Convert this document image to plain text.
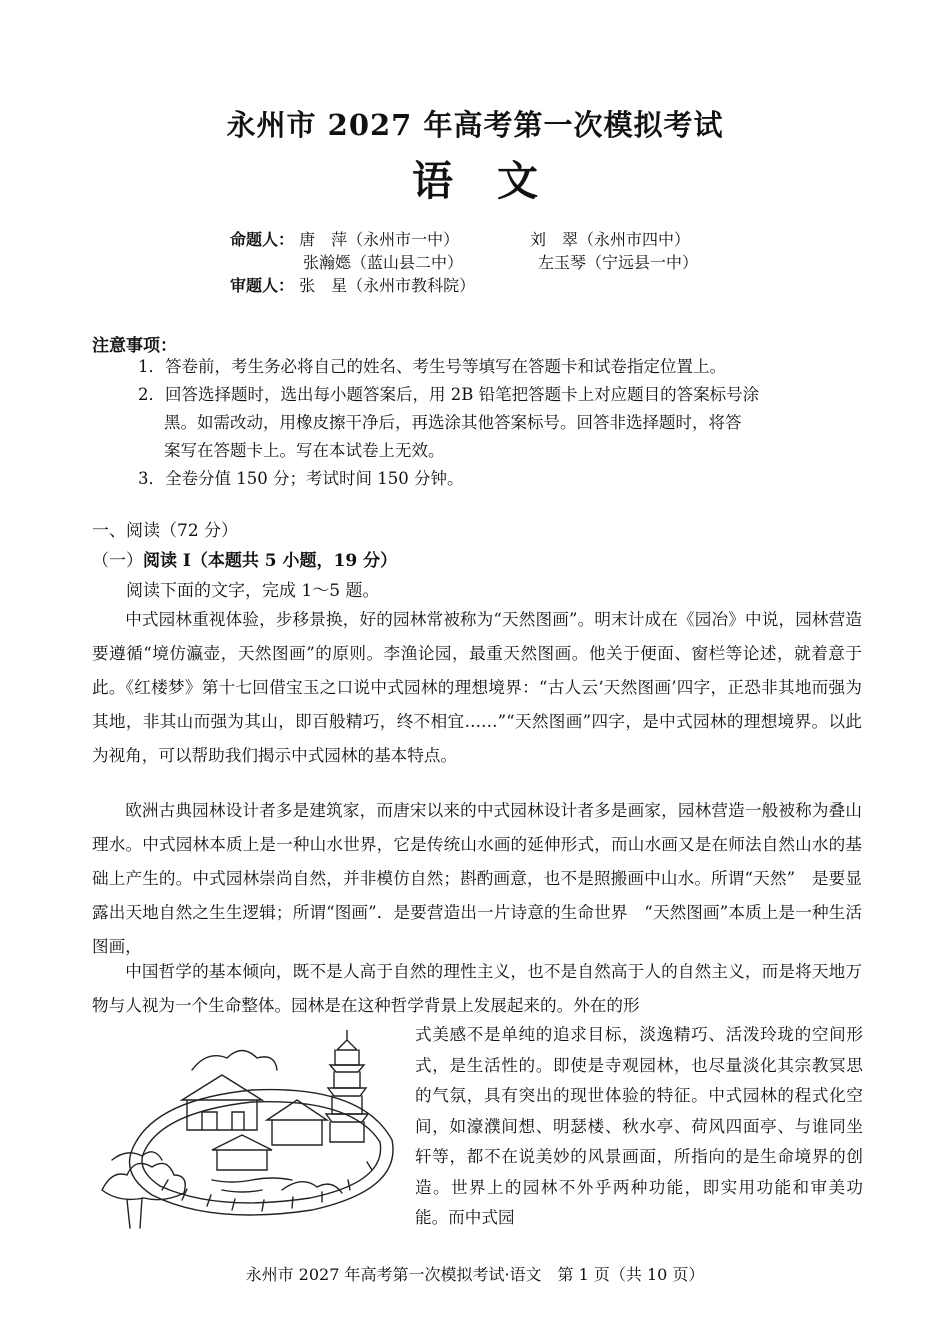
永州市 2027 年高考第一次模拟考试
语文
命题人： 唐　萍（永州市一中）	刘　翠（永州市四中）
张瀚嫕（蓝山县二中）	左玉琴（宁远县一中）
审题人： 张　星（永州市教科院）
注意事项：
1．答卷前，考生务必将自己的姓名、考生号等填写在答题卡和试卷指定位置上。
2．回答选择题时，选出每小题答案后，用 2B 铅笔把答题卡上对应题目的答案标号涂
黑。如需改动，用橡皮擦干净后，再选涂其他答案标号。回答非选择题时，将答
案写在答题卡上。写在本试卷上无效。
3．全卷分值 150 分；考试时间 150 分钟。
一、阅读（72 分）
（一）阅读 I（本题共 5 小题，19 分）
阅读下面的文字，完成 1～5 题。

中式园林重视体验，步移景换，好的园林常被称为“天然图画”。明末计成在《园冶》中说，园林营造要遵循“境仿瀛壶，天然图画”的原则。李渔论园，最重天然图画。他关于便面、窗栏等论述，就着意于此。《红楼梦》第十七回借宝玉之口说中式园林的理想境界：“古人云‘天然图画’四字，正恐非其地而强为其地，非其山而强为其山，即百般精巧，终不相宜……”“天然图画”四字，是中式园林的理想境界。以此为视角，可以帮助我们揭示中式园林的基本特点。

欧洲古典园林设计者多是建筑家，而唐宋以来的中式园林设计者多是画家，园林营造一般被称为叠山理水。中式园林本质上是一种山水世界，它是传统山水画的延伸形式，而山水画又是在师法自然山水的基础上产生的。中式园林崇尚自然，并非模仿自然；斟酌画意，也不是照搬画中山水。所谓“天然”　是要显露出天地自然之生生逻辑；所谓“图画”．是要营造出一片诗意的生命世界　“天然图画”本质上是一种生活图画，

中国哲学的基本倾向，既不是人高于自然的理性主义，也不是自然高于人的自然主义，而是将天地万物与人视为一个生命整体。园林是在这种哲学背景上发展起来的。外在的形

式美感不是单纯的追求目标，淡逸精巧、活泼玲珑的空间形式，是生活性的。即使是寺观园林，也尽量淡化其宗教冥思的气氛，具有突出的现世体验的特征。中式园林的程式化空间，如濠濮间想、明瑟楼、秋水亭、荷风四面亭、与谁同坐轩等，都不在说美妙的风景画面，所指向的是生命境界的创造。世界上的园林不外乎两种功能，即实用功能和审美功能。而中式园

永州市 2027 年高考第一次模拟考试·语文　第 1 页（共 10 页）
